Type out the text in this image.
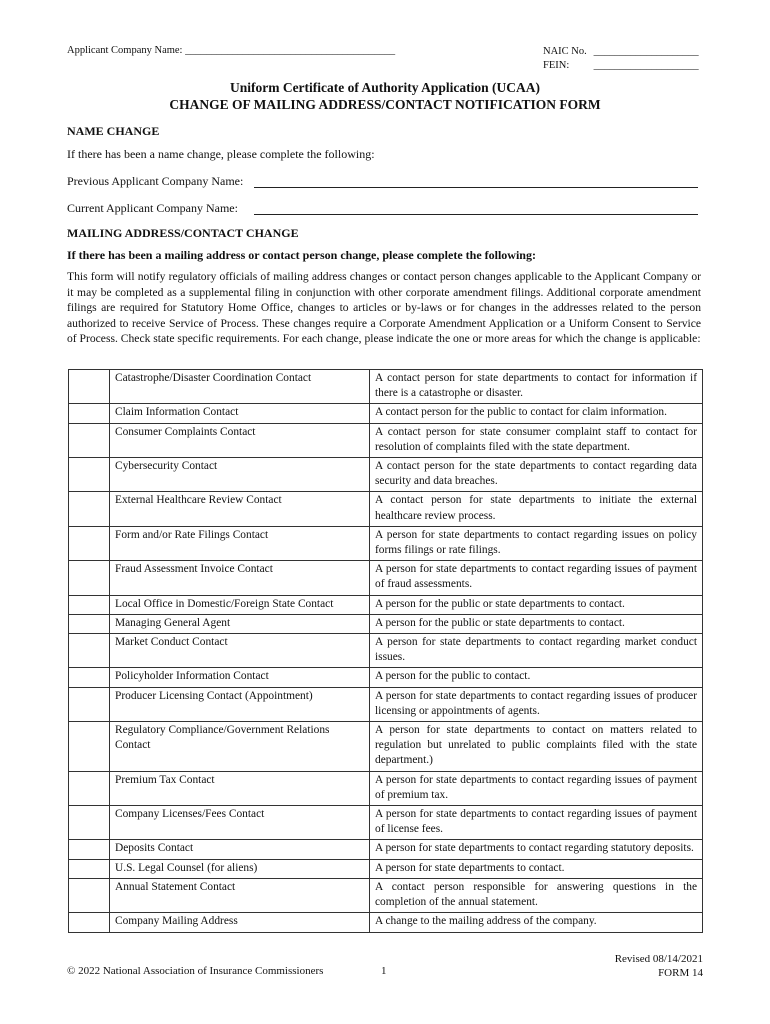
Applicant Company Name: ________________________________________	NAIC No. ____________________
FEIN: ____________________
Uniform Certificate of Authority Application (UCAA)
CHANGE OF MAILING ADDRESS/CONTACT NOTIFICATION FORM
NAME CHANGE
If there has been a name change, please complete the following:
Previous Applicant Company Name:
Current Applicant Company Name:
MAILING ADDRESS/CONTACT CHANGE
If there has been a mailing address or contact person change, please complete the following:
This form will notify regulatory officials of mailing address changes or contact person changes applicable to the Applicant Company or it may be completed as a supplemental filing in conjunction with other corporate amendment filings. Additional corporate amendment filings are required for Statutory Home Office, changes to articles or by-laws or for changes in the addresses related to the person authorized to receive Service of Process. These changes require a Corporate Amendment Application or a Uniform Consent to Service of Process. Check state specific requirements. For each change, please indicate the one or more areas for which the change is applicable:
	Catastrophe/Disaster Coordination Contact	A contact person for state departments to contact for information if there is a catastrophe or disaster.
	Claim Information Contact	A contact person for the public to contact for claim information.
	Consumer Complaints Contact	A contact person for state consumer complaint staff to contact for resolution of complaints filed with the state department.
	Cybersecurity Contact	A contact person for the state departments to contact regarding data security and data breaches.
	External Healthcare Review Contact	A contact person for state departments to initiate the external healthcare review process.
	Form and/or Rate Filings Contact	A person for state departments to contact regarding issues on policy forms filings or rate filings.
	Fraud Assessment Invoice Contact	A person for state departments to contact regarding issues of payment of fraud assessments.
	Local Office in Domestic/Foreign State Contact	A person for the public or state departments to contact.
	Managing General Agent	A person for the public or state departments to contact.
	Market Conduct Contact	A person for state departments to contact regarding market conduct issues.
	Policyholder Information Contact	A person for the public to contact.
	Producer Licensing Contact (Appointment)	A person for state departments to contact regarding issues of producer licensing or appointments of agents.
	Regulatory Compliance/Government Relations Contact	A person for state departments to contact on matters related to regulation but unrelated to public complaints filed with the state department.)
	Premium Tax Contact	A person for state departments to contact regarding issues of payment of premium tax.
	Company Licenses/Fees Contact	A person for state departments to contact regarding issues of payment of license fees.
	Deposits Contact	A person for state departments to contact regarding statutory deposits.
	U.S. Legal Counsel (for aliens)	A person for state departments to contact.
	Annual Statement Contact	A contact person responsible for answering questions in the completion of the annual statement.
	Company Mailing Address	A change to the mailing address of the company.
© 2022 National Association of Insurance Commissioners	1
Revised 08/14/2021
FORM 14
